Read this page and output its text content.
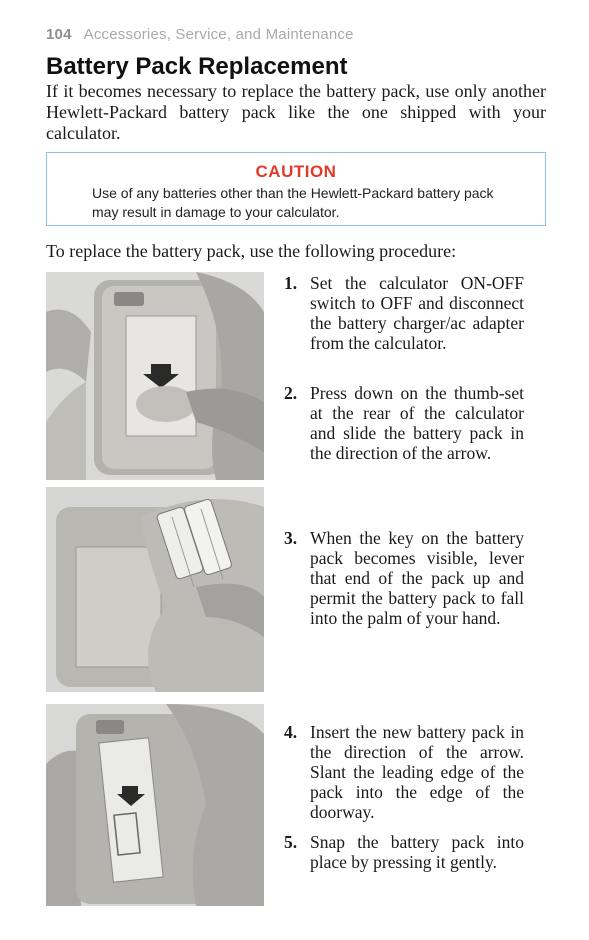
104 Accessories, Service, and Maintenance
Battery Pack Replacement

If it becomes necessary to replace the battery pack, use only another Hewlett-Packard battery pack like the one shipped with your calculator.

CAUTION

Use of any batteries other than the Hewlett-Packard battery pack may result in damage to your calculator.

To replace the battery pack, use the following procedure:

1. Set the calculator ON-OFF switch to OFF and disconnect the battery charger/ac adapter from the calculator.
2. Press down on the thumb-set at the rear of the calculator and slide the battery pack in the direction of the arrow.
3. When the key on the battery pack becomes visible, lever that end of the pack up and permit the battery pack to fall into the palm of your hand.
4. Insert the new battery pack in the direction of the arrow. Slant the leading edge of the pack into the edge of the doorway.
5. Snap the battery pack into place by pressing it gently.
